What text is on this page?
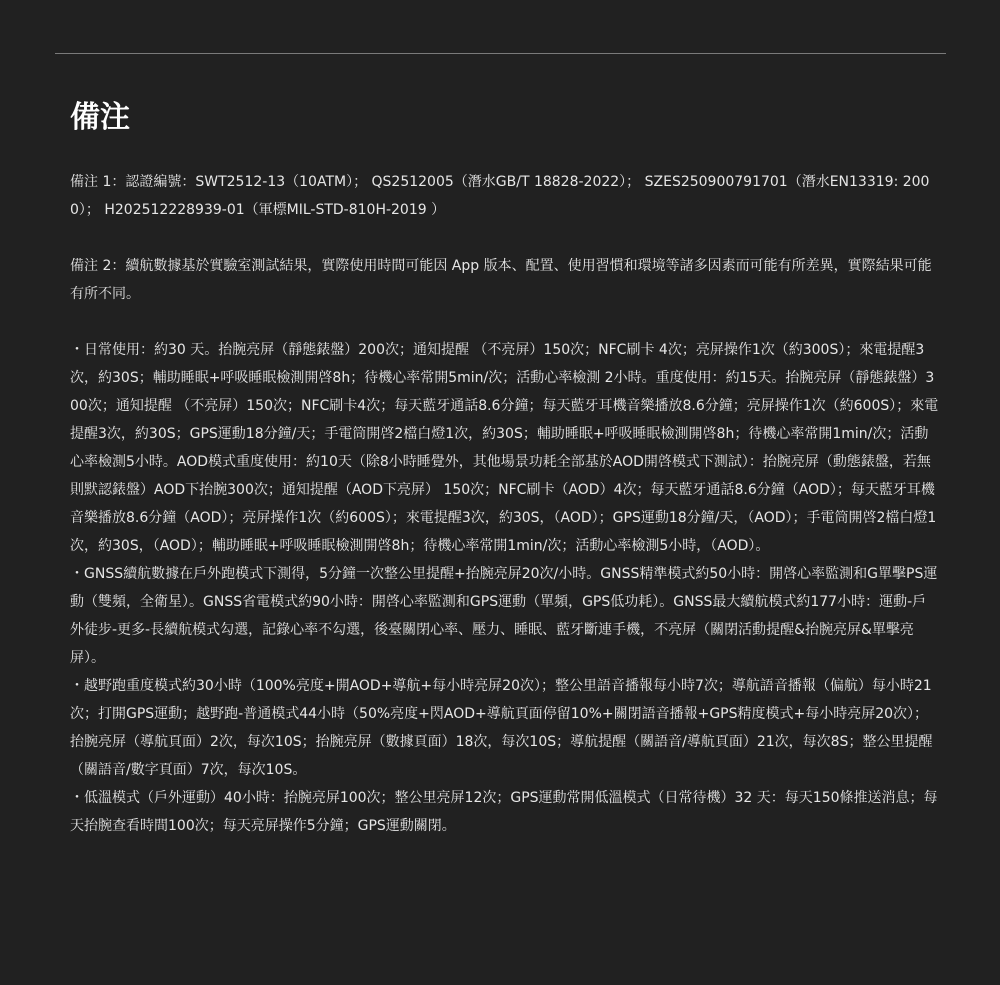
備注

備注 1：認證編號：SWT2512-13（10ATM）； QS2512005（潛水GB/T 18828-2022）； SZES250900791701（潛水EN13319: 2000）； H202512228939-01（軍標MIL-STD-810H-2019 ）

備注 2：續航數據基於實驗室測試結果，實際使用時間可能因 App 版本、配置、使用習慣和環境等諸多因素而可能有所差異，實際結果可能有所不同。

・日常使用：約30 天。抬腕亮屏（靜態錶盤）200次；通知提醒 （不亮屏）150次；NFC刷卡 4次；亮屏操作1次（約300S）；來電提醒3次，約30S；輔助睡眠+呼吸睡眠檢測開啓8h；待機心率常開5min/次；活動心率檢測 2小時。重度使用：約15天。抬腕亮屏（靜態錶盤）300次；通知提醒 （不亮屏）150次；NFC刷卡4次；每天藍牙通話8.6分鐘；每天藍牙耳機音樂播放8.6分鐘；亮屏操作1次（約600S）；來電提醒3次，約30S；GPS運動18分鐘/天；手電筒開啓2檔白燈1次，約30S；輔助睡眠+呼吸睡眠檢測開啓8h；待機心率常開1min/次；活動心率檢測5小時。AOD模式重度使用：約10天（除8小時睡覺外，其他場景功耗全部基於AOD開啓模式下測試）：抬腕亮屏（動態錶盤，若無則默認錶盤）AOD下抬腕300次；通知提醒（AOD下亮屏） 150次；NFC刷卡（AOD）4次；每天藍牙通話8.6分鐘（AOD）；每天藍牙耳機音樂播放8.6分鐘（AOD）；亮屏操作1次（約600S）；來電提醒3次，約30S，（AOD）；GPS運動18分鐘/天，（AOD）；手電筒開啓2檔白燈1次，約30S，（AOD）；輔助睡眠+呼吸睡眠檢測開啓8h；待機心率常開1min/次；活動心率檢測5小時，（AOD）。

・GNSS續航數據在戶外跑模式下測得，5分鐘一次整公里提醒+抬腕亮屏20次/小時。GNSS精準模式約50小時：開啓心率監測和G單擊PS運動（雙頻，全衛星）。GNSS省電模式約90小時：開啓心率監測和GPS運動（單頻，GPS低功耗）。GNSS最大續航模式約177小時：運動-戶外徒步-更多-長續航模式勾選，記錄心率不勾選，後臺關閉心率、壓力、睡眠、藍牙斷連手機，不亮屏（關閉活動提醒&抬腕亮屏&單擊亮屏）。

・越野跑重度模式約30小時（100%亮度+開AOD+導航+每小時亮屏20次）；整公里語音播報每小時7次；導航語音播報（偏航）每小時21次；打開GPS運動；越野跑-普通模式44小時（50%亮度+閃AOD+導航頁面停留10%+關閉語音播報+GPS精度模式+每小時亮屏20次）；抬腕亮屏（導航頁面）2次，每次10S；抬腕亮屏（數據頁面）18次，每次10S；導航提醒（關語音/導航頁面）21次，每次8S；整公里提醒（關語音/數字頁面）7次，每次10S。

・低溫模式（戶外運動）40小時：抬腕亮屏100次；整公里亮屏12次；GPS運動常開低溫模式（日常待機）32 天：每天150條推送消息；每天抬腕查看時間100次；每天亮屏操作5分鐘；GPS運動關閉。
